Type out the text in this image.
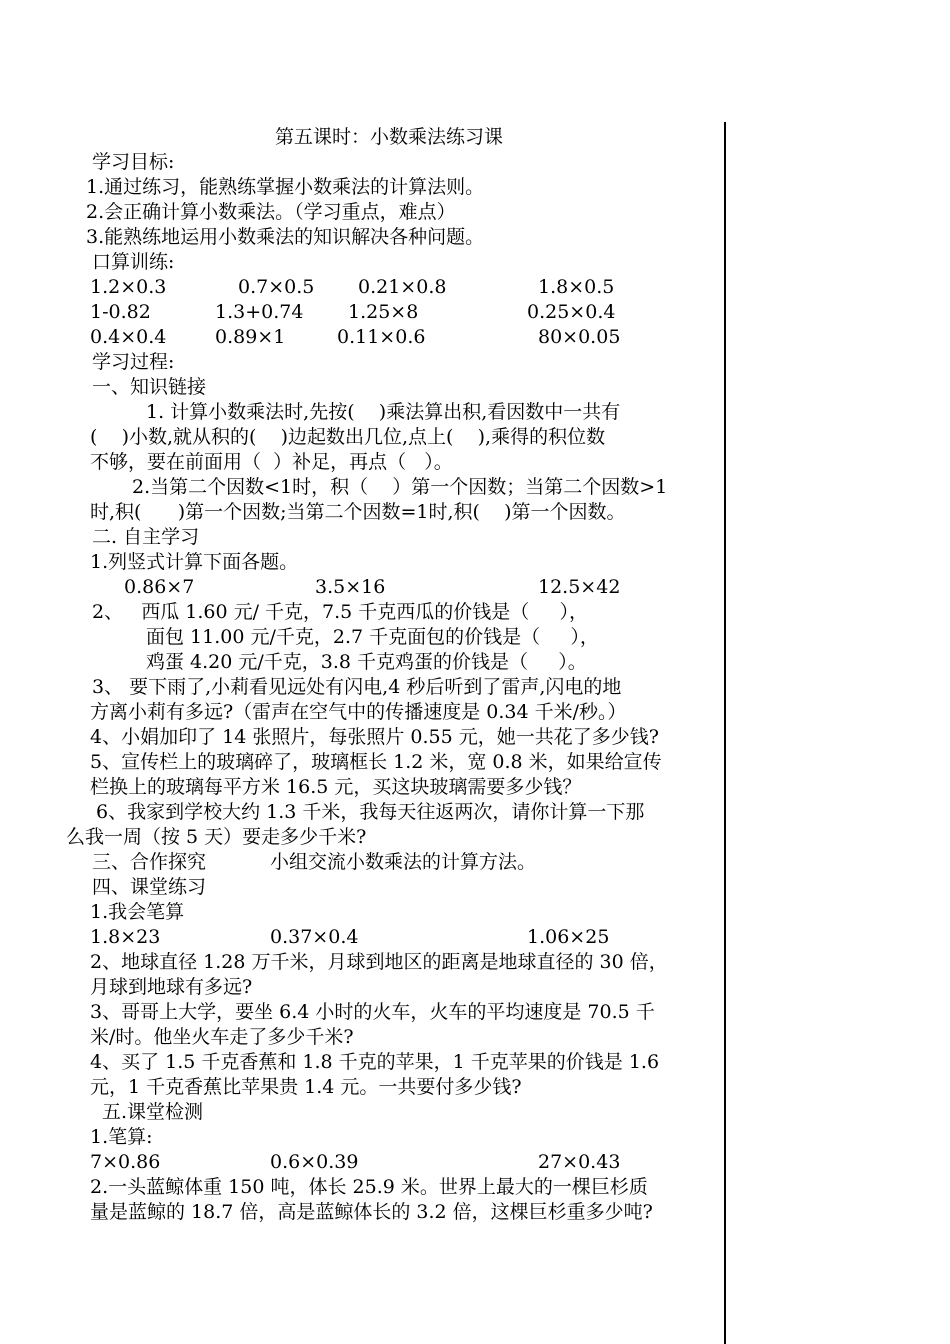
第五课时：小数乘法练习课
学习目标:
1.通过练习，能熟练掌握小数乘法的计算法则。
2.会正确计算小数乘法。（学习重点，难点）
3.能熟练地运用小数乘法的知识解决各种问题。
口算训练:
1.2×0.3	0.7×0.5 0.21×0.8	1.8×0.5
1-0.82	1.3+0.74 1.25×8	0.25×0.4
0.4×0.4	0.89×1	0.11×0.6	80×0.05
学习过程:
一、知识链接
1. 计算小数乘法时,先按(    )乘法算出积,看因数中一共有
(    )小数,就从积的(    )边起数出几位,点上(    ),乘得的积位数
不够，要在前面用（  ）补足，再点（   ）。
2.当第二个因数<1时，积（    ）第一个因数；当第二个因数>1
时,积(      )第一个因数;当第二个因数=1时,积(    )第一个因数。
二. 自主学习
1.列竖式计算下面各题。
0.86×7	3.5×16	12.5×42
2、   西瓜 1.60 元/ 千克，7.5 千克西瓜的价钱是（     ），
面包 11.00 元/千克，2.7 千克面包的价钱是（     ），
鸡蛋 4.20 元/千克，3.8 千克鸡蛋的价钱是（     ）。
3、 要下雨了,小莉看见远处有闪电,4 秒后听到了雷声,闪电的地
方离小莉有多远?（雷声在空气中的传播速度是 0.34 千米/秒。）
4、小娟加印了 14 张照片，每张照片 0.55 元，她一共花了多少钱?
5、宣传栏上的玻璃碎了，玻璃框长 1.2 米，宽 0.8 米，如果给宣传
栏换上的玻璃每平方米 16.5 元，买这块玻璃需要多少钱？
6、我家到学校大约 1.3 千米，我每天往返两次，请你计算一下那
么我一周（按 5 天）要走多少千米?
三、合作探究	小组交流小数乘法的计算方法。
四、课堂练习
1.我会笔算
1.8×23	0.37×0.4	1.06×25
2、地球直径 1.28 万千米，月球到地区的距离是地球直径的 30 倍，
月球到地球有多远?
3、哥哥上大学，要坐 6.4 小时的火车，火车的平均速度是 70.5 千
米/时。他坐火车走了多少千米?
4、买了 1.5 千克香蕉和 1.8 千克的苹果，1 千克苹果的价钱是 1.6
元，1 千克香蕉比苹果贵 1.4 元。一共要付多少钱?
五.课堂检测
1.笔算:
7×0.86	0.6×0.39	27×0.43
2.一头蓝鲸体重 150 吨，体长 25.9 米。世界上最大的一棵巨杉质
量是蓝鲸的 18.7 倍，高是蓝鲸体长的 3.2 倍，这棵巨杉重多少吨?
